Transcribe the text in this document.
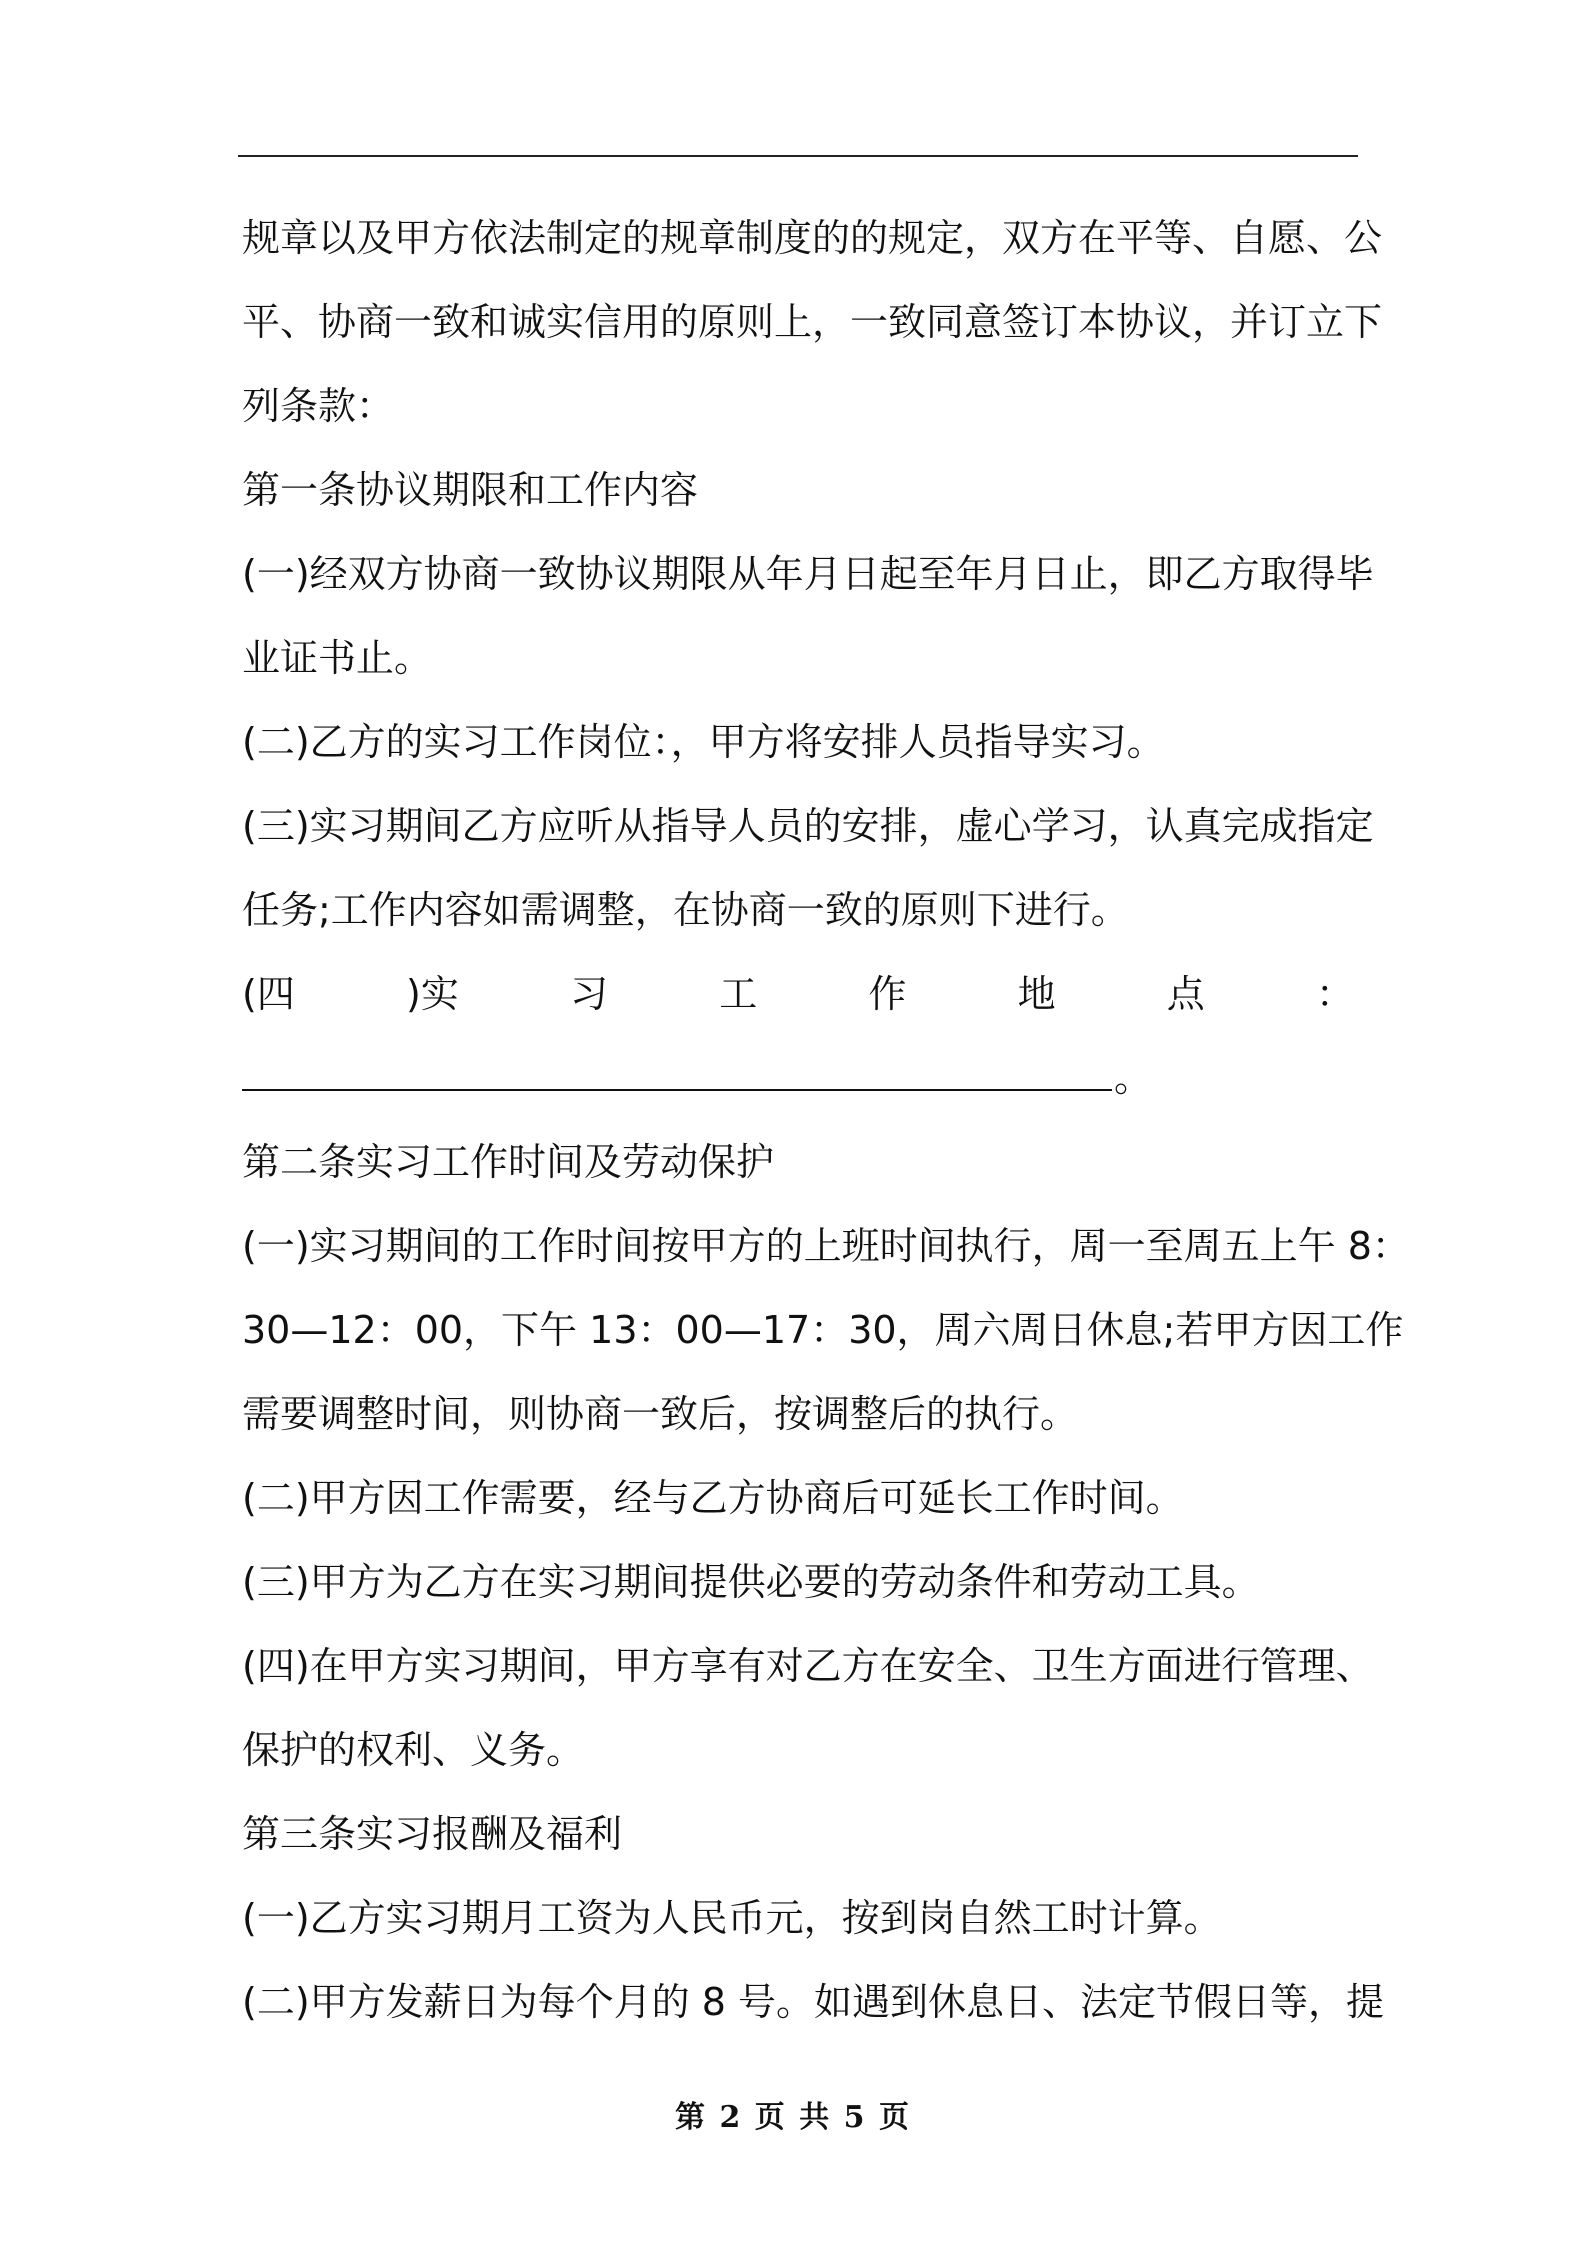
规章以及甲方依法制定的规章制度的的规定，双方在平等、自愿、公
平、协商一致和诚实信用的原则上，一致同意签订本协议，并订立下
列条款：
第一条协议期限和工作内容
(一)经双方协商一致协议期限从年月日起至年月日止，即乙方取得毕
业证书止。
(二)乙方的实习工作岗位：，甲方将安排人员指导实习。
(三)实习期间乙方应听从指导人员的安排，虚心学习，认真完成指定
任务;工作内容如需调整，在协商一致的原则下进行。
(四	)实	习	工	作	地	点	：
。
第二条实习工作时间及劳动保护
(一)实习期间的工作时间按甲方的上班时间执行，周一至周五上午 8：
30—12：00，下午 13：00—17：30，周六周日休息;若甲方因工作
需要调整时间，则协商一致后，按调整后的执行。
(二)甲方因工作需要，经与乙方协商后可延长工作时间。
(三)甲方为乙方在实习期间提供必要的劳动条件和劳动工具。
(四)在甲方实习期间，甲方享有对乙方在安全、卫生方面进行管理、
保护的权利、义务。
第三条实习报酬及福利
(一)乙方实习期月工资为人民币元，按到岗自然工时计算。
(二)甲方发薪日为每个月的 8 号。如遇到休息日、法定节假日等，提
第 2 页 共 5 页
